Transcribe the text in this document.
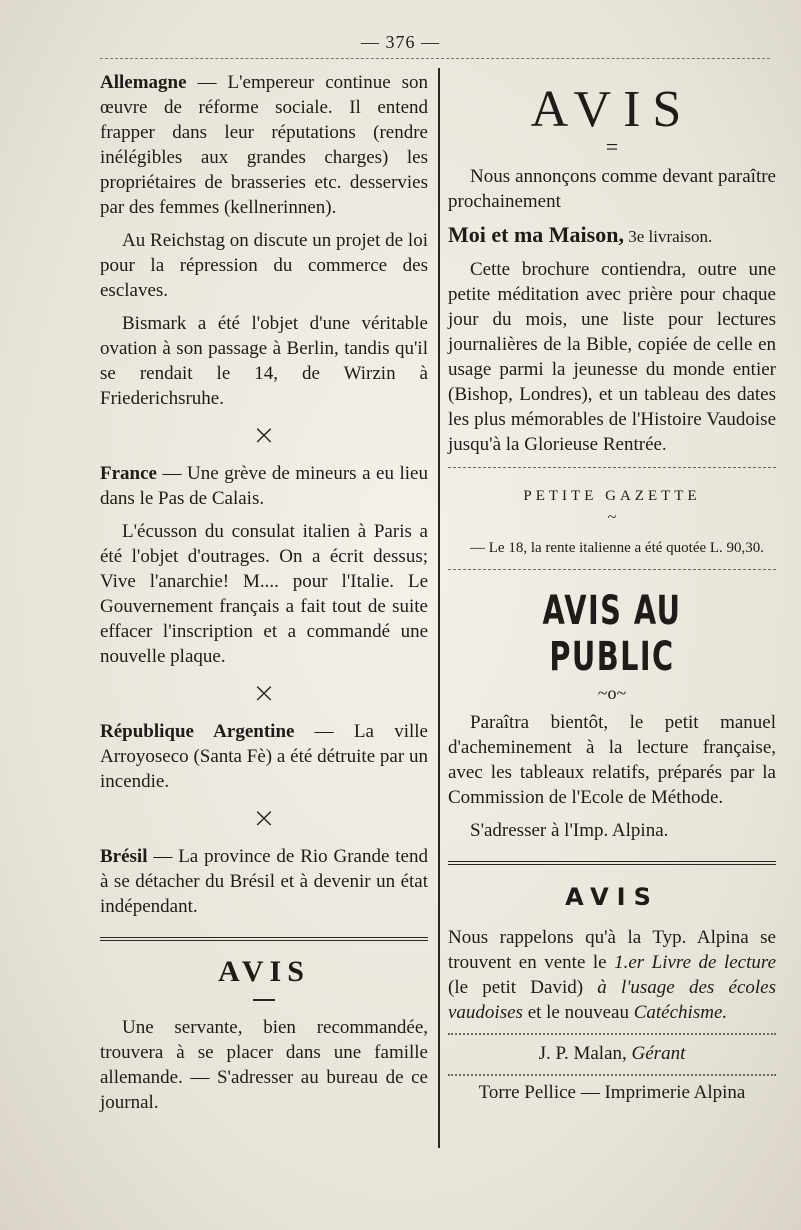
— 376 —

Allemagne — L'empereur continue son œuvre de réforme sociale. Il entend frapper dans leur réputations (rendre inélégibles aux grandes charges) les propriétaires de brasseries etc. desservies par des femmes (kellnerinnen).

Au Reichstag on discute un projet de loi pour la répression du commerce des esclaves.

Bismark a été l'objet d'une véritable ovation à son passage à Berlin, tandis qu'il se rendait le 14, de Wirzin à Friederichsruhe.

×

France — Une grève de mineurs a eu lieu dans le Pas de Calais.

L'écusson du consulat italien à Paris a été l'objet d'outrages. On a écrit dessus; Vive l'anarchie! M.... pour l'Italie. Le Gouvernement français a fait tout de suite effacer l'inscription et a commandé une nouvelle plaque.

×

République Argentine — La ville Arroyoseco (Santa Fè) a été détruite par un incendie.

×

Brésil — La province de Rio Grande tend à se détacher du Brésil et à devenir un état indépendant.

AVIS

Une servante, bien recommandée, trouvera à se placer dans une famille allemande. — S'adresser au bureau de ce journal.

AVIS
=

Nous annonçons comme devant paraître prochainement

Moi et ma Maison, 3e livraison.

Cette brochure contiendra, outre une petite méditation avec prière pour chaque jour du mois, une liste pour lectures journalières de la Bible, copiée de celle en usage parmi la jeunesse du monde entier (Bishop, Londres), et un tableau des dates les plus mémorables de l'Histoire Vaudoise jusqu'à la Glorieuse Rentrée.

PETITE GAZETTE
~

— Le 18, la rente italienne a été quotée L. 90,30.

AVIS AU PUBLIC
~o~

Paraîtra bientôt, le petit manuel d'acheminement à la lecture française, avec les tableaux relatifs, préparés par la Commission de l'Ecole de Méthode.

S'adresser à l'Imp. Alpina.

AVIS

Nous rappelons qu'à la Typ. Alpina se trouvent en vente le 1.er Livre de lecture (le petit David) à l'usage des écoles vaudoises et le nouveau Catéchisme.

J. P. Malan, Gérant

Torre Pellice — Imprimerie Alpina
